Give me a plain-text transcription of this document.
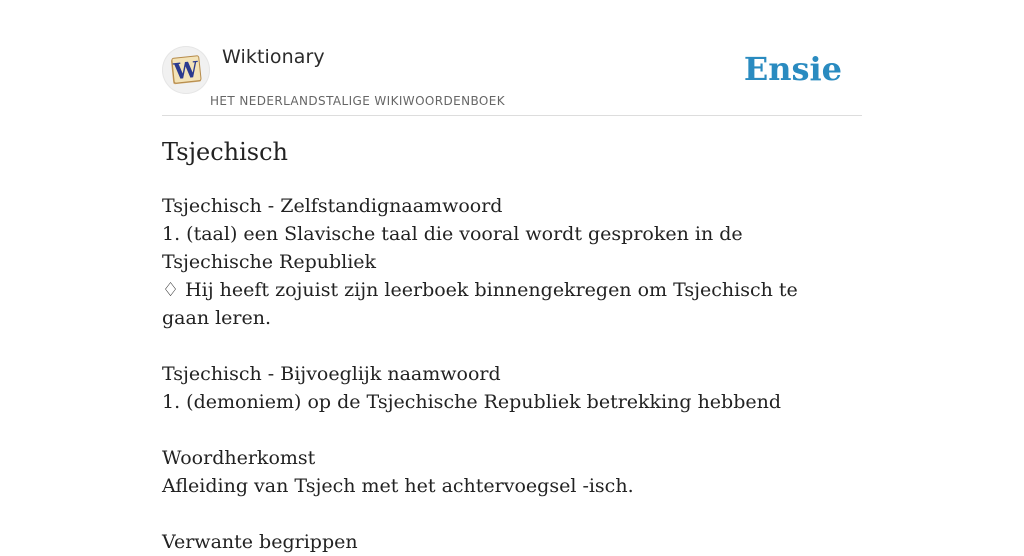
W Wiktionary
HET NEDERLANDSTALIGE WIKIWOORDENBOEK
Ensie
Tsjechisch

Tsjechisch - Zelfstandignaamwoord

1. (taal) een Slavische taal die vooral wordt gesproken in de Tsjechische Republiek

♢ Hij heeft zojuist zijn leerboek binnengekregen om Tsjechisch te gaan leren.

Tsjechisch - Bijvoeglijk naamwoord

1. (demoniem) op de Tsjechische Republiek betrekking hebbend

Woordherkomst

Afleiding van Tsjech met het achtervoegsel -isch.

Verwante begrippen
